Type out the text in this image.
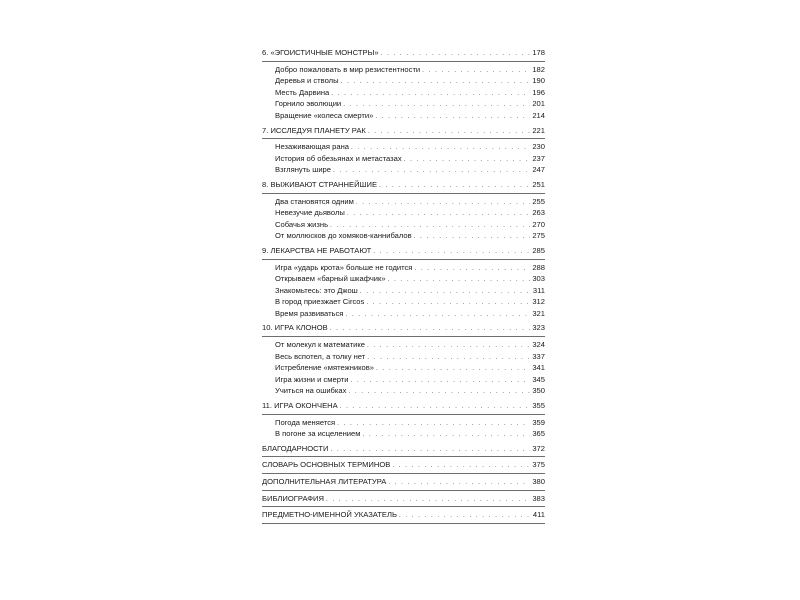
6. «ЭГОИСТИЧНЫЕ МОНСТРЫ» . . .	178
Добро пожаловать в мир резистентности . . .	182
Деревья и стволы . . .	190
Месть Дарвина . . .	196
Горнило эволюции . . .	201
Вращение «колеса смерти» . . .	214
7. ИССЛЕДУЯ ПЛАНЕТУ РАК . . .	221
Незаживающая рана . . .	230
История об обезьянах и метастазах . . .	237
Взглянуть шире . . .	247
8. ВЫЖИВАЮТ СТРАННЕЙШИЕ . . .	251
Два становятся одним . . .	255
Невезучие дьяволы . . .	263
Собачья жизнь . . .	270
От моллюсков до хомяков-каннибалов . . .	275
9. ЛЕКАРСТВА НЕ РАБОТАЮТ . . .	285
Игра «ударь крота» больше не годится . . .	288
Открываем «барный шкафчик» . . .	303
Знакомьтесь: это Джош . . .	311
В город приезжает Circos . . .	312
Время развиваться . . .	321
10. ИГРА КЛОНОВ . . .	323
От молекул к математике . . .	324
Весь вспотел, а толку нет . . .	337
Истребление «мятежников» . . .	341
Игра жизни и смерти . . .	345
Учиться на ошибках . . .	350
11. ИГРА ОКОНЧЕНА . . .	355
Погода меняется . . .	359
В погоне за исцелением . . .	365
БЛАГОДАРНОСТИ . . .	372
СЛОВАРЬ ОСНОВНЫХ ТЕРМИНОВ . . .	375
ДОПОЛНИТЕЛЬНАЯ ЛИТЕРАТУРА . . .	380
БИБЛИОГРАФИЯ . . .	383
ПРЕДМЕТНО-ИМЕННОЙ УКАЗАТЕЛЬ . . .	411
